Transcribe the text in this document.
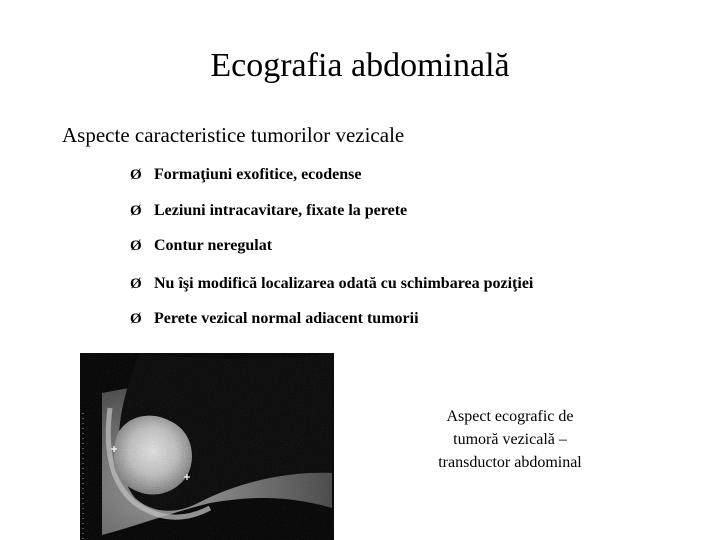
Ecografia abdominală
Aspecte caracteristice tumorilor vezicale
Ø Formaţiuni exofitice, ecodense
Ø Leziuni intracavitare, fixate la perete
Ø Contur neregulat
Ø Nu îşi modifică localizarea odată cu schimbarea poziţiei
Ø Perete vezical normal adiacent tumorii
Aspect ecografic de
tumoră vezicală –
transductor abdominal
